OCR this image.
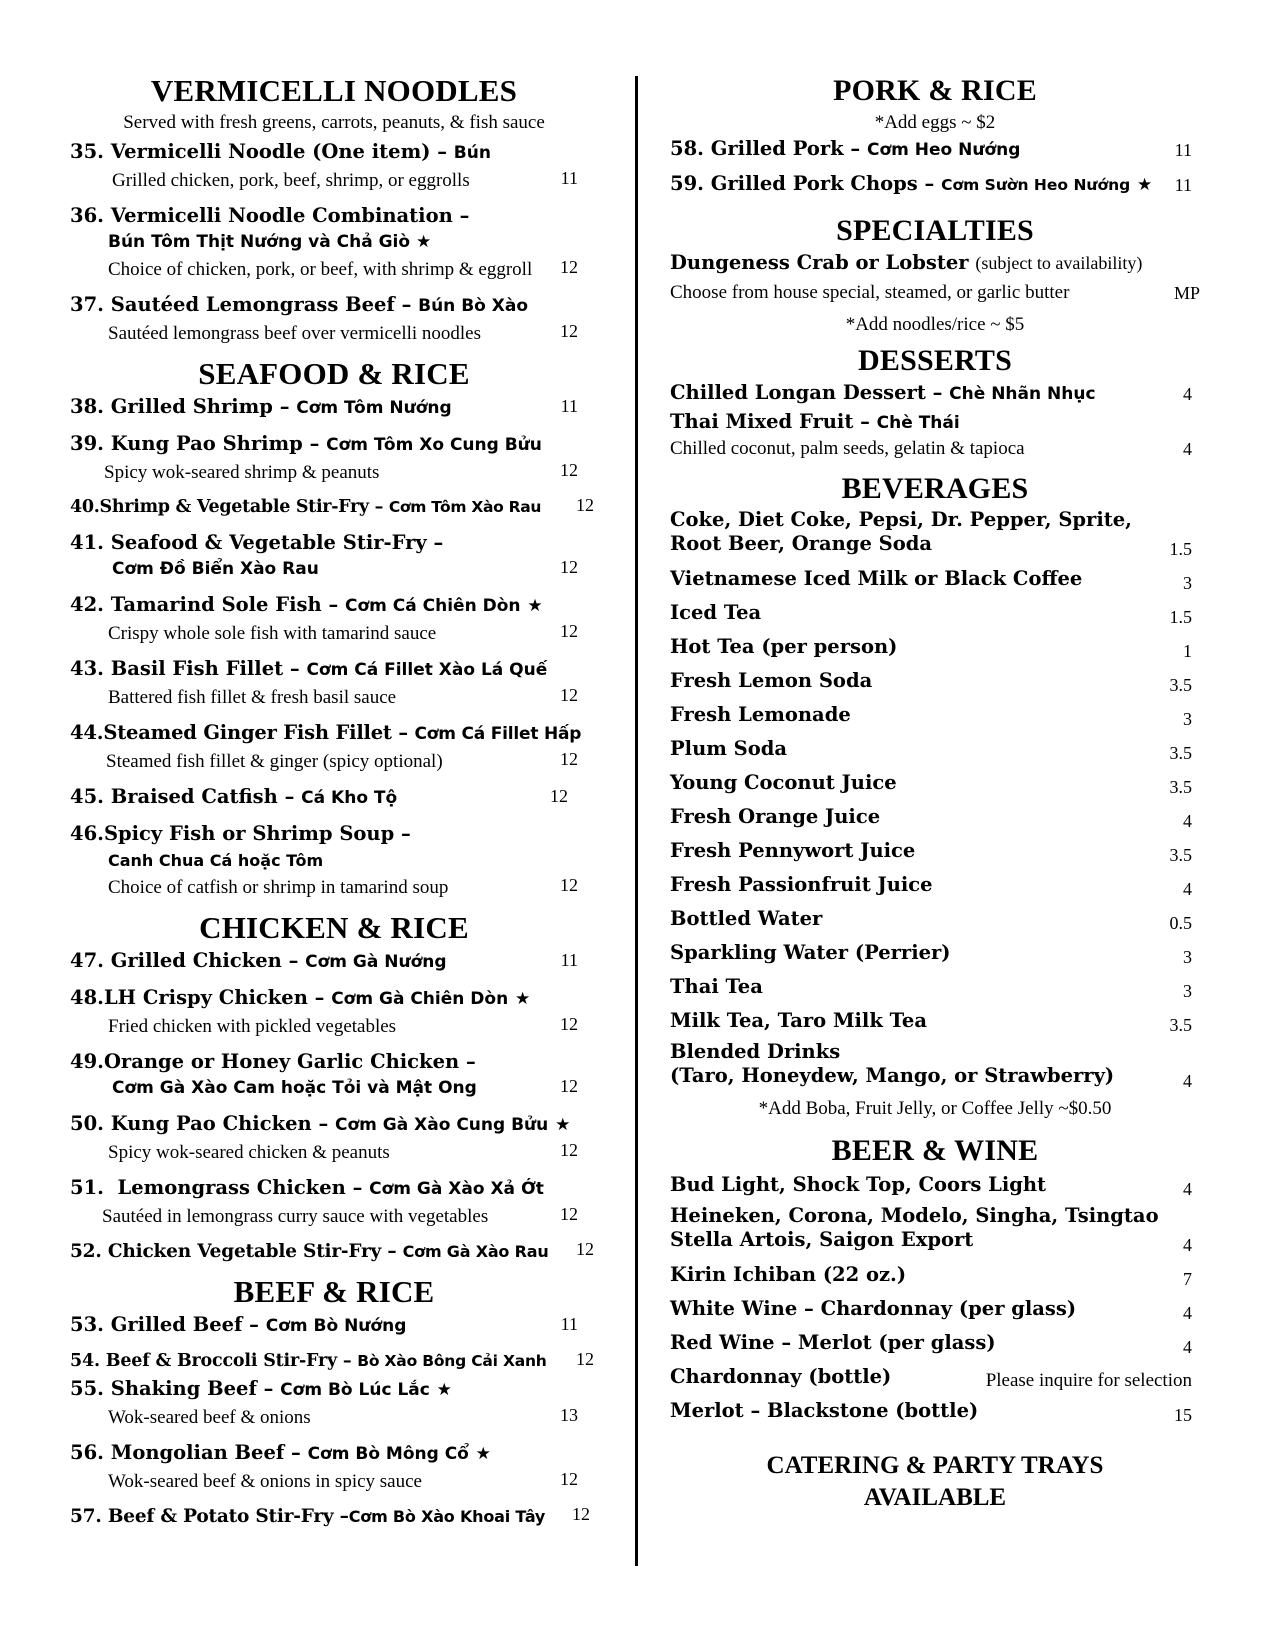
VERMICELLI NOODLES
Served with fresh greens, carrots, peanuts, & fish sauce
35. Vermicelli Noodle (One item) – Bún
Grilled chicken, pork, beef, shrimp, or eggrolls	11
36. Vermicelli Noodle Combination –
Bún Tôm Thịt Nướng và Chả Giò ★
Choice of chicken, pork, or beef, with shrimp & eggroll	12
37. Sautéed Lemongrass Beef – Bún Bò Xào
Sautéed lemongrass beef over vermicelli noodles	12
SEAFOOD & RICE
38. Grilled Shrimp – Cơm Tôm Nướng	11
39. Kung Pao Shrimp – Cơm Tôm Xo Cung Bửu
Spicy wok-seared shrimp & peanuts	12
40.Shrimp & Vegetable Stir-Fry – Cơm Tôm Xào Rau 12
41. Seafood & Vegetable Stir-Fry –
Cơm Đồ Biển Xào Rau	12
42. Tamarind Sole Fish – Cơm Cá Chiên Dòn ★
Crispy whole sole fish with tamarind sauce	12
43. Basil Fish Fillet – Cơm Cá Fillet Xào Lá Quế
Battered fish fillet & fresh basil sauce	12
44.Steamed Ginger Fish Fillet – Cơm Cá Fillet Hấp
Steamed fish fillet & ginger (spicy optional)	12
45. Braised Catfish – Cá Kho Tộ	12
46.Spicy Fish or Shrimp Soup –
Canh Chua Cá hoặc Tôm
Choice of catfish or shrimp in tamarind soup	12
CHICKEN & RICE
47. Grilled Chicken – Cơm Gà Nướng	11
48.LH Crispy Chicken – Cơm Gà Chiên Dòn ★
Fried chicken with pickled vegetables	12
49.Orange or Honey Garlic Chicken –
Cơm Gà Xào Cam hoặc Tỏi và Mật Ong	12
50. Kung Pao Chicken – Cơm Gà Xào Cung Bửu ★
Spicy wok-seared chicken & peanuts	12
51. Lemongrass Chicken – Cơm Gà Xào Xả Ớt
Sautéed in lemongrass curry sauce with vegetables	12
52. Chicken Vegetable Stir-Fry – Cơm Gà Xào Rau 12
BEEF & RICE
53. Grilled Beef – Cơm Bò Nướng	11
54. Beef & Broccoli Stir-Fry – Bò Xào Bông Cải Xanh 12
55. Shaking Beef – Cơm Bò Lúc Lắc ★
Wok-seared beef & onions	13
56. Mongolian Beef – Cơm Bò Mông Cổ ★
Wok-seared beef & onions in spicy sauce	12
57. Beef & Potato Stir-Fry –Cơm Bò Xào Khoai Tây 12
PORK & RICE
*Add eggs ~ $2
58. Grilled Pork – Cơm Heo Nướng	11
59. Grilled Pork Chops – Cơm Sườn Heo Nướng ★ 11
SPECIALTIES
Dungeness Crab or Lobster (subject to availability)
Choose from house special, steamed, or garlic butter	MP
*Add noodles/rice ~ $5
DESSERTS
Chilled Longan Dessert – Chè Nhãn Nhục	4
Thai Mixed Fruit – Chè Thái
Chilled coconut, palm seeds, gelatin & tapioca	4
BEVERAGES
Coke, Diet Coke, Pepsi, Dr. Pepper, Sprite,
Root Beer, Orange Soda	1.5
Vietnamese Iced Milk or Black Coffee	3
Iced Tea	1.5
Hot Tea (per person)	1
Fresh Lemon Soda	3.5
Fresh Lemonade	3
Plum Soda	3.5
Young Coconut Juice	3.5
Fresh Orange Juice	4
Fresh Pennywort Juice	3.5
Fresh Passionfruit Juice	4
Bottled Water	0.5
Sparkling Water (Perrier)	3
Thai Tea	3
Milk Tea, Taro Milk Tea	3.5
Blended Drinks
(Taro, Honeydew, Mango, or Strawberry)	4
*Add Boba, Fruit Jelly, or Coffee Jelly ~$0.50
BEER & WINE
Bud Light, Shock Top, Coors Light	4
Heineken, Corona, Modelo, Singha, Tsingtao
Stella Artois, Saigon Export	4
Kirin Ichiban (22 oz.)	7
White Wine – Chardonnay (per glass)	4
Red Wine – Merlot (per glass)	4
Chardonnay (bottle)	Please inquire for selection
Merlot – Blackstone (bottle)	15
CATERING & PARTY TRAYS
AVAILABLE
